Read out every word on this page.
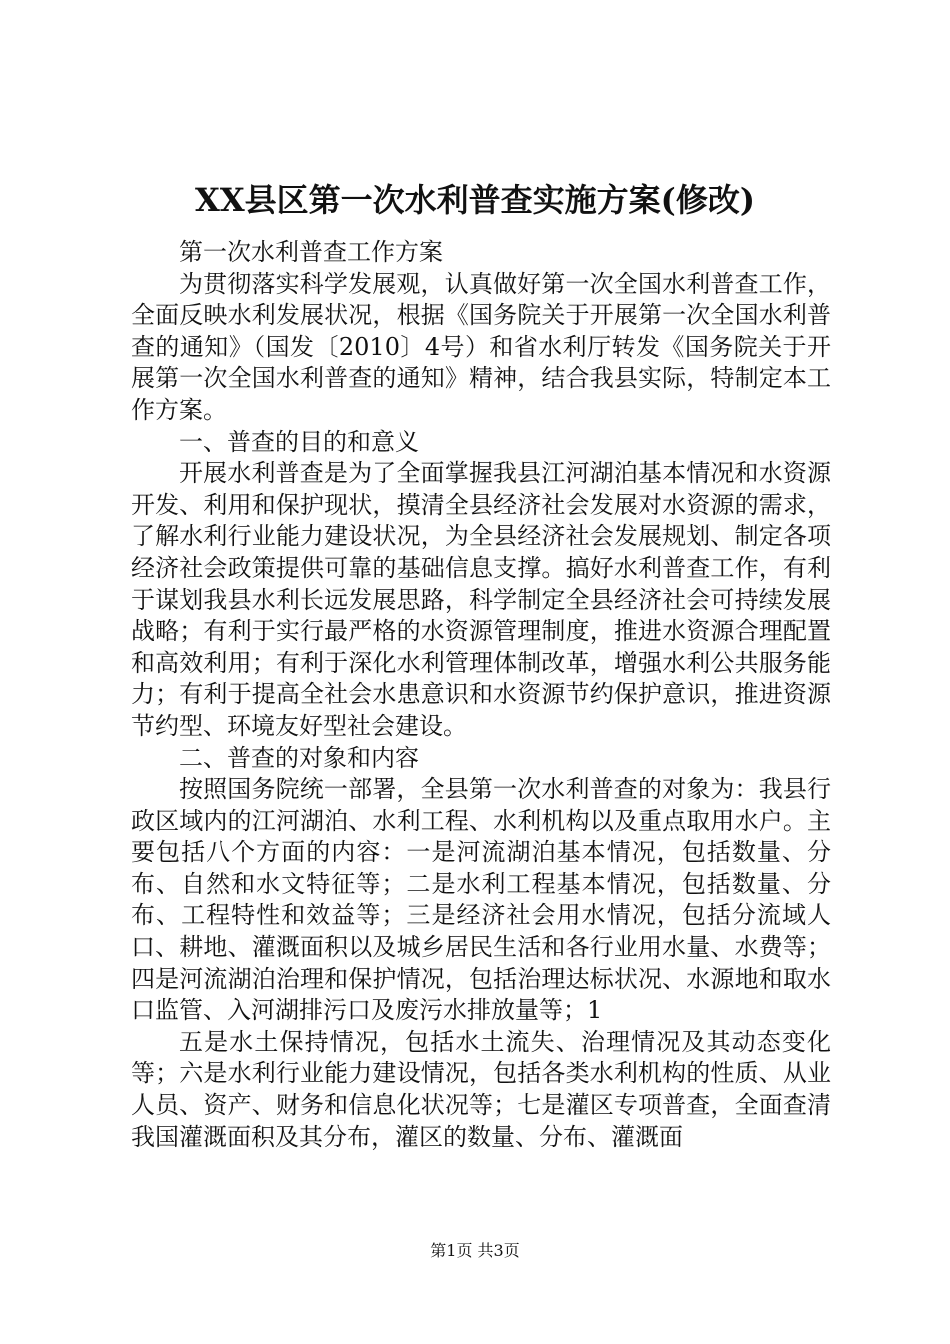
XX县区第一次水利普查实施方案(修改)

第一次水利普查工作方案

为贯彻落实科学发展观，认真做好第一次全国水利普查工作，全面反映水利发展状况，根据《国务院关于开展第一次全国水利普查的通知》（国发〔2010〕4号）和省水利厅转发《国务院关于开展第一次全国水利普查的通知》精神，结合我县实际，特制定本工作方案。

一、普查的目的和意义

开展水利普查是为了全面掌握我县江河湖泊基本情况和水资源开发、利用和保护现状，摸清全县经济社会发展对水资源的需求，了解水利行业能力建设状况，为全县经济社会发展规划、制定各项经济社会政策提供可靠的基础信息支撑。搞好水利普查工作，有利于谋划我县水利长远发展思路，科学制定全县经济社会可持续发展战略；有利于实行最严格的水资源管理制度，推进水资源合理配置和高效利用；有利于深化水利管理体制改革，增强水利公共服务能力；有利于提高全社会水患意识和水资源节约保护意识，推进资源节约型、环境友好型社会建设。

二、普查的对象和内容

按照国务院统一部署，全县第一次水利普查的对象为：我县行政区域内的江河湖泊、水利工程、水利机构以及重点取用水户。主要包括八个方面的内容：一是河流湖泊基本情况，包括数量、分布、自然和水文特征等；二是水利工程基本情况，包括数量、分布、工程特性和效益等；三是经济社会用水情况，包括分流域人口、耕地、灌溉面积以及城乡居民生活和各行业用水量、水费等；四是河流湖泊治理和保护情况，包括治理达标状况、水源地和取水口监管、入河湖排污口及废污水排放量等；1

五是水土保持情况，包括水土流失、治理情况及其动态变化等；六是水利行业能力建设情况，包括各类水利机构的性质、从业人员、资产、财务和信息化状况等；七是灌区专项普查，全面查清我国灌溉面积及其分布，灌区的数量、分布、灌溉面

第1页 共3页
